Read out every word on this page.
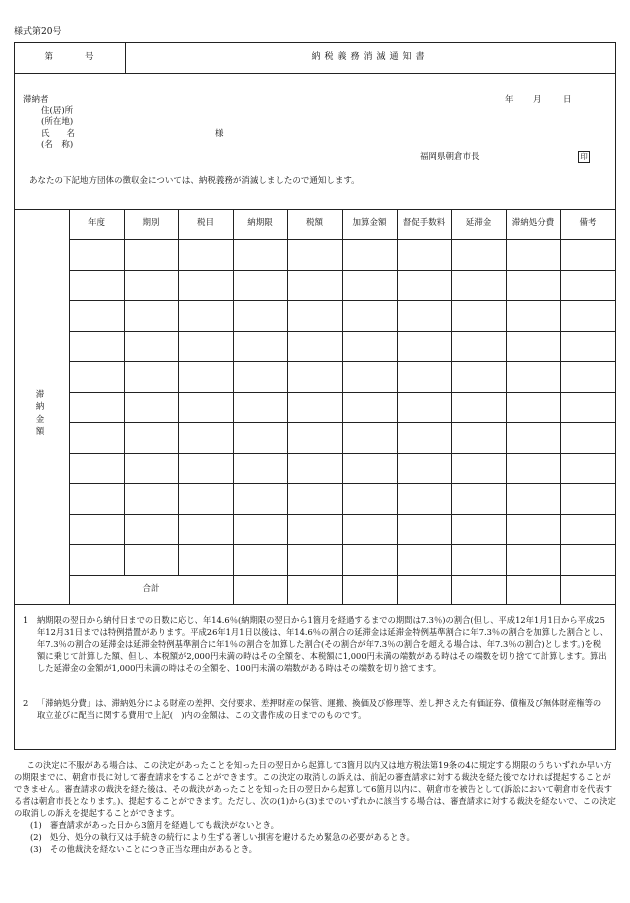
様式第20号
第	号	納税義務消滅通知書
滞納者
住(居)所
(所在地)
氏　　名
(名　称)
様
年 月	日
福岡県朝倉市長	印
あなたの下記地方団体の徴収金については、納税義務が消滅しましたので通知します。
滞納金額
1 納期限の翌日から納付日までの日数に応じ、年14.6％(納期限の翌日から1箇月を経過するまでの期間は7.3％)の割合(但し、平成12年1月1日から平成25年12月31日までは特例措置があります。平成26年1月1日以後は、年14.6％の割合の延滞金は延滞金特例基準割合に年7.3％の割合を加算した割合とし、年7.3％の割合の延滞金は延滞金特例基準割合に年1％の割合を加算した割合(その割合が年7.3％の割合を超える場合は、年7.3％の割合)とします。)を税額に乗じて計算した額、但し、本税額が2,000円未満の時はその全額を、本税額に1,000円未満の端数がある時はその端数を切り捨てて計算します。算出した延滞金の金額が1,000円未満の時はその全額を、100円未満の端数がある時はその端数を切り捨てます。
2 「滞納処分費」は、滞納処分による財産の差押、交付要求、差押財産の保管、運搬、換価及び修理等、差し押さえた有価証券、債権及び無体財産権等の取立並びに配当に関する費用で上記(　)内の金額は、この文書作成の日までのものです。
年度	期別	税目	納期限	税額	加算金額	督促手数料	延滞金	滞納処分費	備考
合計
この決定に不服がある場合は、この決定があったことを知った日の翌日から起算して3箇月以内又は地方税法第19条の4に規定する期限のうちいずれか早い方の期限までに、朝倉市長に対して審査請求をすることができます。この決定の取消しの訴えは、前記の審査請求に対する裁決を経た後でなければ提起することができません。審査請求の裁決を経た後は、その裁決があったことを知った日の翌日から起算して6箇月以内に、朝倉市を被告として(訴訟において朝倉市を代表する者は朝倉市長となります。)、提起することができます。ただし、次の(1)から(3)までのいずれかに該当する場合は、審査請求に対する裁決を経ないで、この決定の取消しの訴えを提起することができます。
(1)　審査請求があった日から3箇月を経過しても裁決がないとき。
(2)　処分、処分の執行又は手続きの続行により生ずる著しい損害を避けるため緊急の必要があるとき。
(3)　その他裁決を経ないことにつき正当な理由があるとき。
